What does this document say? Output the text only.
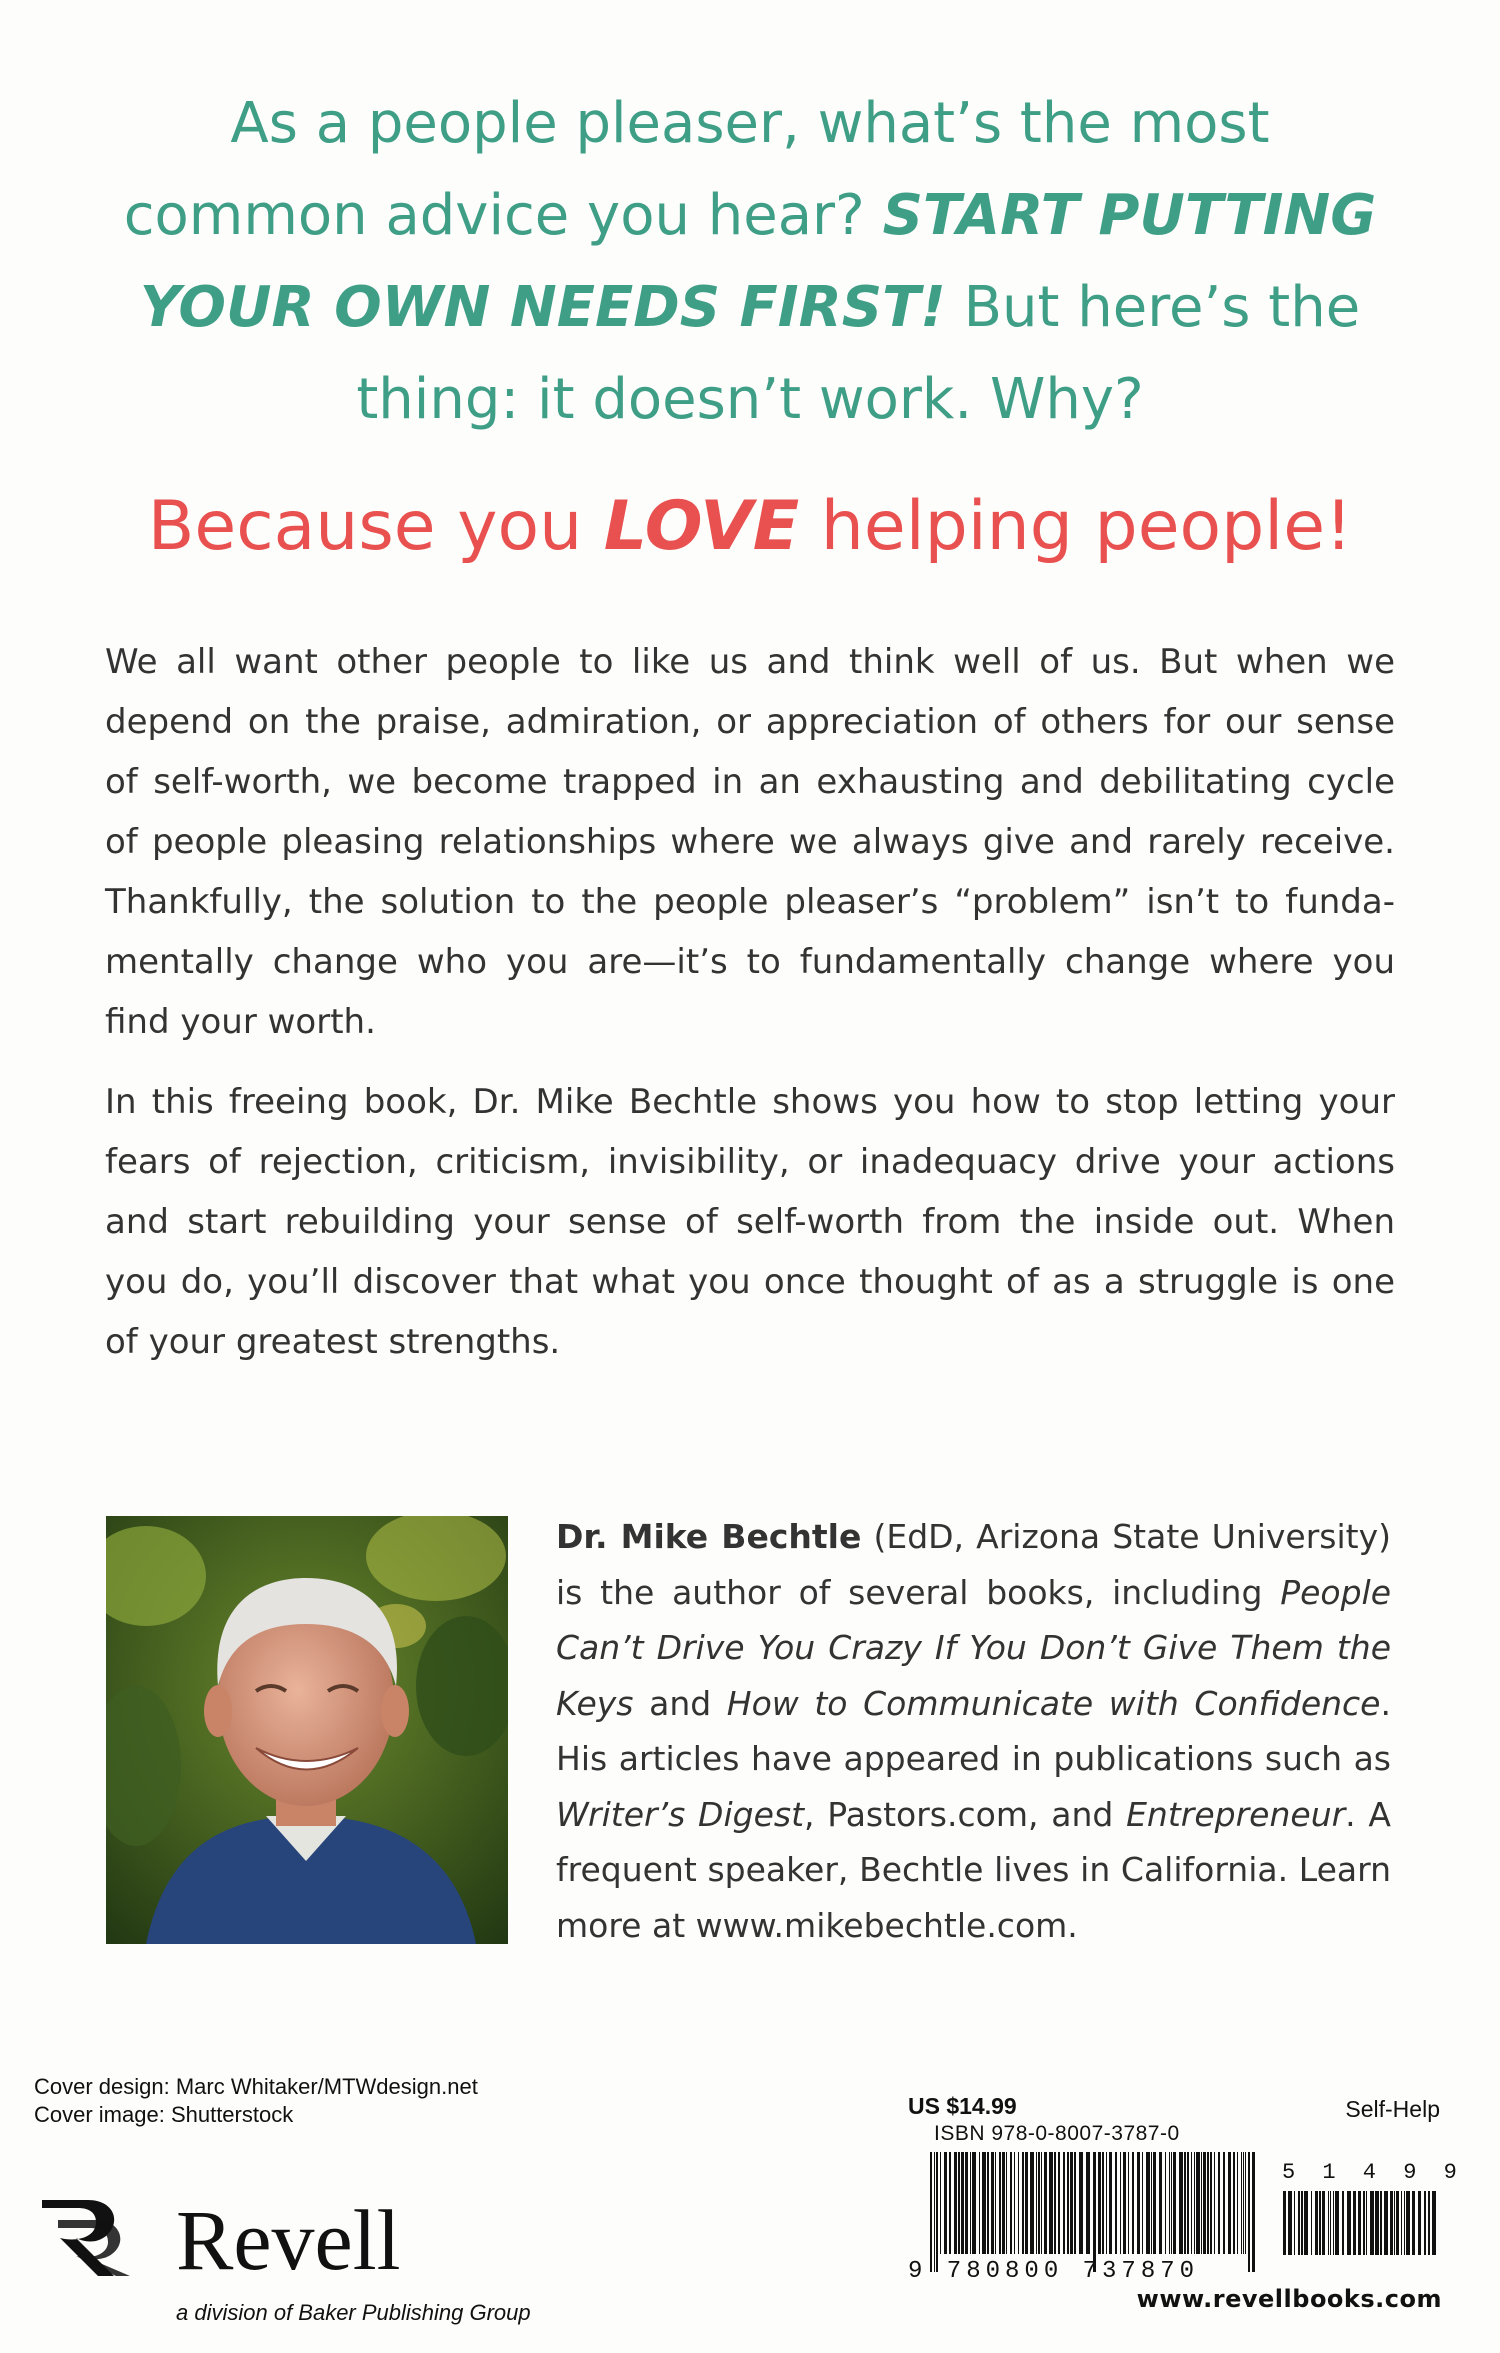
As a people pleaser, what’s the most
common advice you hear? START PUTTING
YOUR OWN NEEDS FIRST! But here’s the
thing: it doesn’t work. Why?
Because you LOVE helping people!
We all want other people to like us and think well of us. But when we
depend on the praise, admiration, or appreciation of others for our sense
of self-worth, we become trapped in an exhausting and debilitating cycle
of people pleasing relationships where we always give and rarely receive.
Thankfully, the solution to the people pleaser’s “problem” isn’t to funda-
mentally change who you are—it’s to fundamentally change where you
find your worth.
In this freeing book, Dr. Mike Bechtle shows you how to stop letting your
fears of rejection, criticism, invisibility, or inadequacy drive your actions
and start rebuilding your sense of self-worth from the inside out. When
you do, you’ll discover that what you once thought of as a struggle is one
of your greatest strengths.
Dr. Mike Bechtle (EdD, Arizona State University)
is the author of several books, including People
Can’t Drive You Crazy If You Don’t Give Them the
Keys and How to Communicate with Confidence.
His articles have appeared in publications such as
Writer’s Digest, Pastors.com, and Entrepreneur. A
frequent speaker, Bechtle lives in California. Learn
more at www.mikebechtle.com.
Cover design: Marc Whitaker/MTWdesign.net
Cover image: Shutterstock
Revell
a division of Baker Publishing Group
US $14.99
ISBN 978-0-8007-3787-0
Self-Help
5 1 4 9 9
9 780800 737870
www.revellbooks.com
